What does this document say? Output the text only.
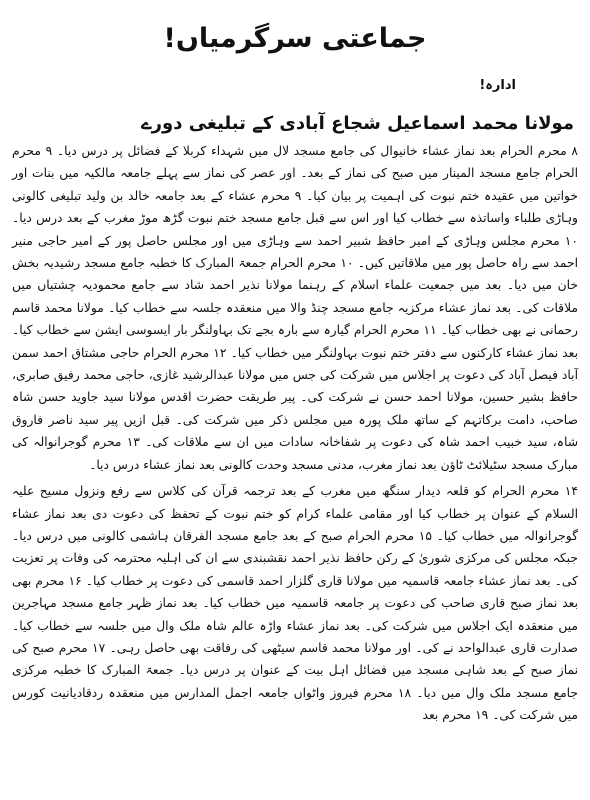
جماعتی سرگرمیاں!
ادارہ!
مولانا محمد اسماعیل شجاع آبادی کے تبلیغی دورے

۸ محرم الحرام بعد نماز عشاء خانیوال کی جامع مسجد لال میں شہداء کربلا کے فضائل پر درس دیا۔ ۹ محرم الحرام جامع مسجد المینار میں صبح کی نماز کے بعد۔ اور عصر کی نماز سے پہلے جامعہ مالکیہ میں بنات اور خواتین میں عقیدہ ختم نبوت کی اہمیت پر بیان کیا۔ ۹ محرم عشاء کے بعد جامعہ خالد بن ولید تبلیغی کالونی وہاڑی طلباء واساتذہ سے خطاب کیا اور اس سے قبل جامع مسجد ختم نبوت گڑھ موڑ مغرب کے بعد درس دیا۔ ۱۰ محرم مجلس وہاڑی کے امیر حافظ شبیر احمد سے وہاڑی میں اور مجلس حاصل پور کے امیر حاجی منیر احمد سے راہ حاصل پور میں ملاقاتیں کیں۔ ۱۰ محرم الحرام جمعۃ المبارک کا خطبہ جامع مسجد رشیدیہ بخش خان میں دیا۔ بعد میں جمعیت علماء اسلام کے رہنما مولانا نذیر احمد شاد سے جامع محمودیہ چشتیاں میں ملاقات کی۔ بعد نماز عشاء مرکزیہ جامع مسجد چنڈ والا میں منعقدہ جلسہ سے خطاب کیا۔ مولانا محمد قاسم رحمانی نے بھی خطاب کیا۔ ۱۱ محرم الحرام گیارہ سے بارہ بجے تک بہاولنگر بار ایسوسی ایشن سے خطاب کیا۔ بعد نماز عشاء کارکنوں سے دفتر ختم نبوت بہاولنگر میں خطاب کیا۔ ۱۲ محرم الحرام حاجی مشتاق احمد سمن آباد فیصل آباد کی دعوت پر اجلاس میں شرکت کی جس میں مولانا عبدالرشید غازی، حاجی محمد رفیق صابری، حافظ بشیر حسین، مولانا احمد حسن نے شرکت کی۔ پیر طریقت حضرت اقدس مولانا سید جاوید حسن شاہ صاحب، دامت برکاتہم کے ساتھ ملک پورہ میں مجلس ذکر میں شرکت کی۔ قبل ازیں پیر سید ناصر فاروق شاہ، سید خبیب احمد شاہ کی دعوت پر شفاخانہ سادات میں ان سے ملاقات کی۔ ۱۳ محرم گوجرانوالہ کی مبارک مسجد سٹیلائٹ ٹاؤن بعد نماز مغرب، مدنی مسجد وحدت کالونی بعد نماز عشاء درس دیا۔

۱۴ محرم الحرام کو قلعہ دیدار سنگھ میں مغرب کے بعد ترجمہ قرآن کی کلاس سے رفع ونزول مسیح علیہ السلام کے عنوان پر خطاب کیا اور مقامی علماء کرام کو ختم نبوت کے تحفظ کی دعوت دی بعد نماز عشاء گوجرانوالہ میں خطاب کیا۔ ۱۵ محرم الحرام صبح کے بعد جامع مسجد الفرقان ہاشمی کالونی میں درس دیا۔ جبکہ مجلس کی مرکزی شوریٰ کے رکن حافظ نذیر احمد نقشبندی سے ان کی اہلیہ محترمہ کی وفات پر تعزیت کی۔ بعد نماز عشاء جامعہ قاسمیہ میں مولانا قاری گلزار احمد قاسمی کی دعوت پر خطاب کیا۔ ۱۶ محرم بھی بعد نماز صبح قاری صاحب کی دعوت پر جامعہ قاسمیہ میں خطاب کیا۔ بعد نماز ظہر جامع مسجد مہاجرین میں منعقدہ ایک اجلاس میں شرکت کی۔ بعد نماز عشاء واڑہ عالم شاہ ملک وال میں جلسہ سے خطاب کیا۔ صدارت قاری عبدالواحد نے کی۔ اور مولانا محمد قاسم سیٹھی کی رفاقت بھی حاصل رہی۔ ۱۷ محرم صبح کی نماز صبح کے بعد شاہی مسجد میں فضائل اہل بیت کے عنوان پر درس دیا۔ جمعۃ المبارک کا خطبہ مرکزی جامع مسجد ملک وال میں دیا۔ ۱۸ محرم فیروز واٹواں جامعہ اجمل المدارس میں منعقدہ ردقادیانیت کورس میں شرکت کی۔ ۱۹ محرم بعد
